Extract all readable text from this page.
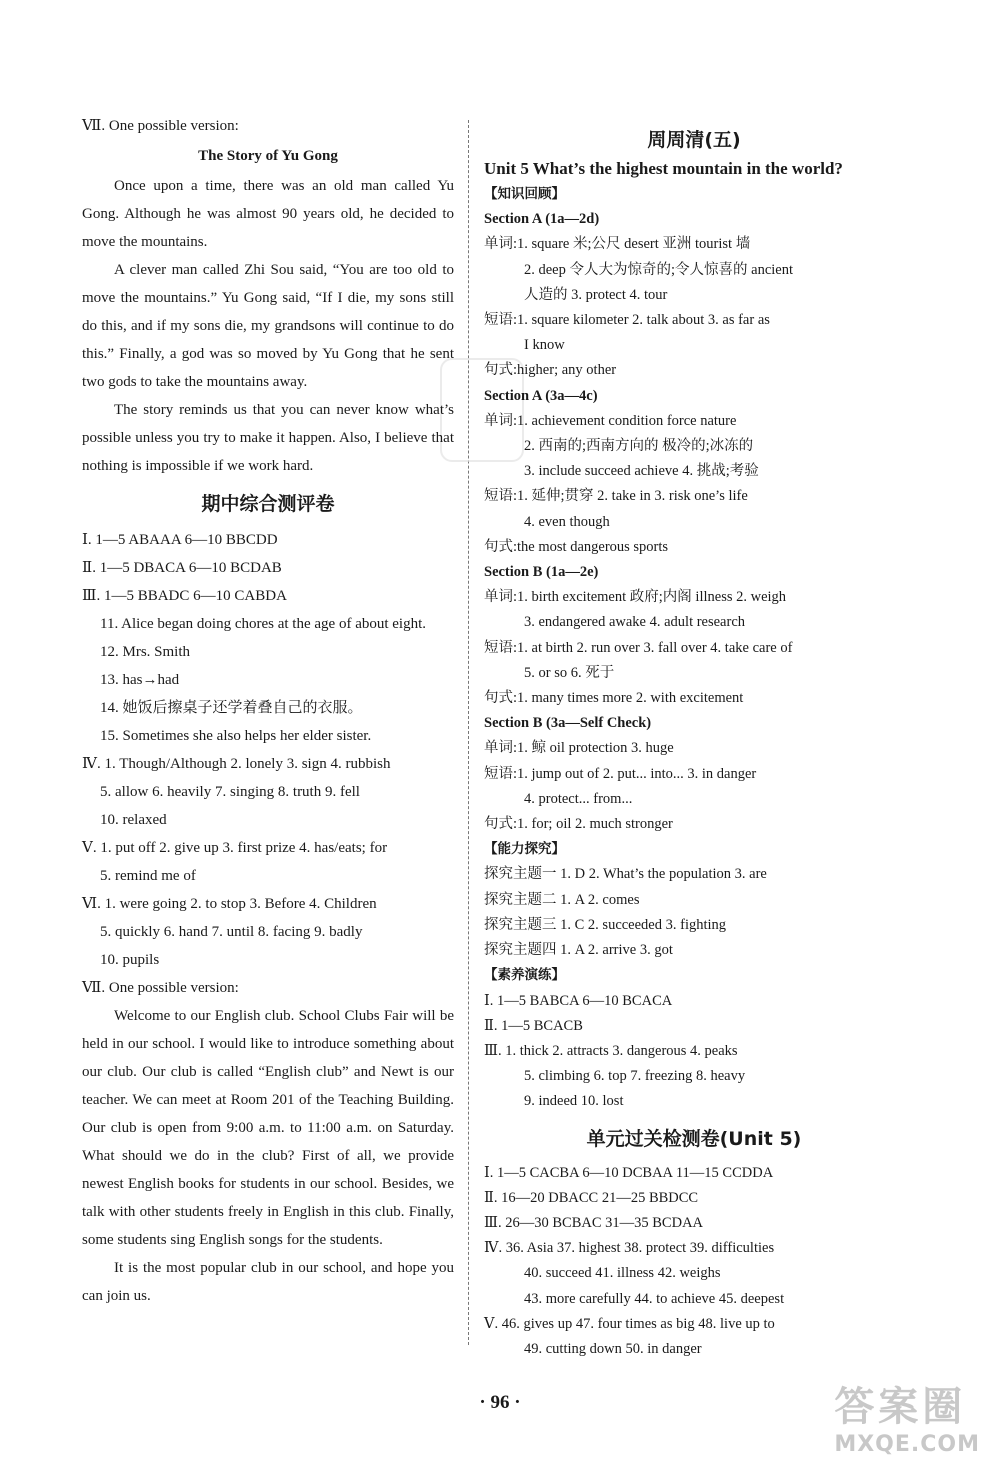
Ⅶ. One possible version:
The Story of Yu Gong

Once upon a time, there was an old man called Yu Gong. Although he was almost 90 years old, he decided to move the mountains.

A clever man called Zhi Sou said, “You are too old to move the mountains.” Yu Gong said, “If I die, my sons still do this, and if my sons die, my grandsons will continue to do this.” Finally, a god was so moved by Yu Gong that he sent two gods to take the mountains away.

The story reminds us that you can never know what’s possible unless you try to make it happen. Also, I believe that nothing is impossible if we work hard.

期中综合测评卷
Ⅰ. 1—5 ABAAA 6—10 BBCDD
Ⅱ. 1—5 DBACA 6—10 BCDAB
Ⅲ. 1—5 BBADC 6—10 CABDA
11. Alice began doing chores at the age of about eight.
12. Mrs. Smith
13. has→had
14. 她饭后擦桌子还学着叠自己的衣服。
15. Sometimes she also helps her elder sister.
Ⅳ. 1. Though/Although 2. lonely 3. sign 4. rubbish
5. allow 6. heavily 7. singing 8. truth 9. fell
10. relaxed
Ⅴ. 1. put off 2. give up 3. first prize 4. has/eats; for
5. remind me of
Ⅵ. 1. were going 2. to stop 3. Before 4. Children
5. quickly 6. hand 7. until 8. facing 9. badly
10. pupils
Ⅶ. One possible version:

Welcome to our English club. School Clubs Fair will be held in our school. I would like to introduce something about our club. Our club is called “English club” and Newt is our teacher. We can meet at Room 201 of the Teaching Building. Our club is open from 9:00 a.m. to 11:00 a.m. on Saturday. What should we do in the club? First of all, we provide newest English books for students in our school. Besides, we talk with other students freely in English in this club. Finally, some students sing English songs for the students.

It is the most popular club in our school, and hope you can join us.

周周清(五)
Unit 5 What’s the highest mountain in the world?
【知识回顾】
Section A (1a—2d)
单词:1. square 米;公尺 desert 亚洲 tourist 墙
2. deep 令人大为惊奇的;令人惊喜的 ancient
人造的 3. protect 4. tour
短语:1. square kilometer 2. talk about 3. as far as
I know
句式:higher; any other
Section A (3a—4c)
单词:1. achievement condition force nature
2. 西南的;西南方向的 极冷的;冰冻的
3. include succeed achieve 4. 挑战;考验
短语:1. 延伸;贯穿 2. take in 3. risk one’s life
4. even though
句式:the most dangerous sports
Section B (1a—2e)
单词:1. birth excitement 政府;内阁 illness 2. weigh
3. endangered awake 4. adult research
短语:1. at birth 2. run over 3. fall over 4. take care of
5. or so 6. 死于
句式:1. many times more 2. with excitement
Section B (3a—Self Check)
单词:1. 鲸 oil protection 3. huge
短语:1. jump out of 2. put... into... 3. in danger
4. protect... from...
句式:1. for; oil 2. much stronger
【能力探究】
探究主题一 1. D 2. What’s the population 3. are
探究主题二 1. A 2. comes
探究主题三 1. C 2. succeeded 3. fighting
探究主题四 1. A 2. arrive 3. got
【素养演练】
Ⅰ. 1—5 BABCA 6—10 BCACA
Ⅱ. 1—5 BCACB
Ⅲ. 1. thick 2. attracts 3. dangerous 4. peaks
5. climbing 6. top 7. freezing 8. heavy
9. indeed 10. lost
单元过关检测卷(Unit 5)
Ⅰ. 1—5 CACBA 6—10 DCBAA 11—15 CCDDA
Ⅱ. 16—20 DBACC 21—25 BBDCC
Ⅲ. 26—30 BCBAC 31—35 BCDAA
Ⅳ. 36. Asia 37. highest 38. protect 39. difficulties
40. succeed 41. illness 42. weighs
43. more carefully 44. to achieve 45. deepest
Ⅴ. 46. gives up 47. four times as big 48. live up to
49. cutting down 50. in danger
· 96 ·	答案圈
MXQE.COM
